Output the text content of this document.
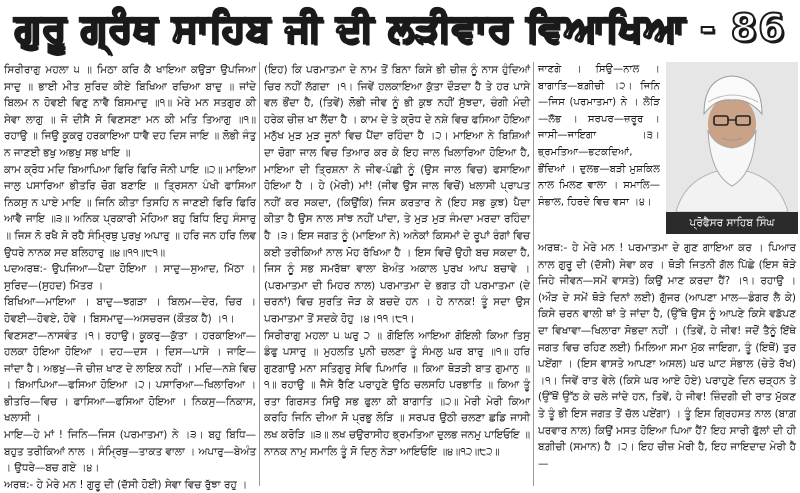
ਗੁਰੂ ਗ੍ਰੰਥ ਸਾਹਿਬ ਜੀ ਦੀ ਲੜੀਵਾਰ ਵਿਆਖਿਆ - 86

ਸਿਰੀਰਾਗੁ ਮਹਲਾ ੫ ॥ ਮਿਠਾ ਕਰਿ ਕੈ ਖਾਇਆ ਕਉੜਾ ਉਪਜਿਆ ਸਾਦੁ ॥ ਭਾਈ ਮੀਤ ਸੁਰਿਦ ਕੀਏ ਬਿਖਿਆ ਰਚਿਆ ਬਾਦੁ ॥ ਜਾਂਦੇ ਬਿਲਮ ਨ ਹੋਵਈ ਵਿਣੁ ਨਾਵੈ ਬਿਸਮਾਦੁ ॥੧॥ ਮੇਰੇ ਮਨ ਸਤਗੁਰ ਕੀ ਸੇਵਾ ਲਾਗੁ ॥ ਜੋ ਦੀਸੈ ਸੋ ਵਿਣਸਣਾ ਮਨ ਕੀ ਮਤਿ ਤਿਆਗੁ ॥੧॥ ਰਹਾਉ ॥ ਜਿਉ ਕੂਕਰੁ ਹਰਕਾਇਆ ਧਾਵੈ ਦਹ ਦਿਸ ਜਾਇ ॥ ਲੋਭੀ ਜੰਤੁ ਨ ਜਾਣਈ ਭਖੁ ਅਭਖੁ ਸਭ ਖਾਇ ॥
ਕਾਮ ਕ੍ਰੋਧ ਮਦਿ ਬਿਆਪਿਆ ਫਿਰਿ ਫਿਰਿ ਜੋਨੀ ਪਾਇ ॥੨॥ ਮਾਇਆ ਜਾਲੁ ਪਸਾਰਿਆ ਭੀਤਰਿ ਚੋਗ ਬਣਾਇ ॥ ਤ੍ਰਿਸਨਾ ਪੰਖੀ ਫਾਸਿਆ ਨਿਕਸੁ ਨ ਪਾਏ ਮਾਇ ॥ ਜਿਨਿ ਕੀਤਾ ਤਿਸਹਿ ਨ ਜਾਣਈ ਫਿਰਿ ਫਿਰਿ ਆਵੈ ਜਾਇ ॥੩॥ ਅਨਿਕ ਪ੍ਰਕਾਰੀ ਮੋਹਿਆ ਬਹੁ ਬਿਧਿ ਇਹੁ ਸੰਸਾਰੁ ॥ ਜਿਸ ਨੋ ਰਖੈ ਸੋ ਰਹੈ ਸੰਮ੍ਰਿਥੁ ਪੁਰਖੁ ਅਪਾਰੁ ॥ ਹਰਿ ਜਨ ਹਰਿ ਲਿਵ ਉਧਰੇ ਨਾਨਕ ਸਦ ਬਲਿਹਾਰੁ ॥੪॥੧੧॥੮੧॥
ਪਦਅਰਥ:- ਉਪਜਿਆ—ਪੈਦਾ ਹੋਇਆ । ਸਾਦੁ—ਸੁਆਦ, ਮਿੱਠਾ । ਸੁਰਿਦ—(ਸੁਹਦ) ਮਿੱਤਰ ।
ਬਿਖਿਆ—ਮਾਇਆ । ਬਾਦੁ—ਝਗੜਾ । ਬਿਲਮ—ਦੇਰ, ਚਿਰ । ਹੋਵਈ—ਹੋਵਏ, ਹੋਵੇ । ਬਿਸਮਾਦੁ—ਅਸਚਰਜ (ਕੌਤਕ ਹੈ) ।੧।
ਵਿਣਸਣਾ—ਨਾਸਵੰਤ ।੧। ਰਹਾਉ। ਕੂਕਰੁ—ਕੁੱਤਾ । ਹਰਕਾਇਆ—ਹਲਕਾ ਹੋਇਆ ਹੋਇਆ । ਦਹ—ਦਸ । ਦਿਸ—ਪਾਸੇ । ਜਾਇ—ਜਾਂਦਾ ਹੈ। ਅਭਖੁ—ਜੋ ਚੀਜ਼ ਖਾਣ ਦੇ ਲਾਇਕ ਨਹੀਂ । ਮਦਿ—ਨਸ਼ੇ ਵਿਚ । ਬਿਆਪਿਆ—ਫਸਿਆ ਹੋਇਆ ।੨। ਪਸਾਰਿਆ—ਖਿਲਾਰਿਆ । ਭੀਤਰਿ—ਵਿਚ । ਫਾਸਿਆ—ਫਸਿਆ ਹੋਇਆ । ਨਿਕਸੁ—ਨਿਕਾਸ, ਖਲਾਸੀ ।
ਮਾਇ—ਹੇ ਮਾਂ ! ਜਿਨਿ—ਜਿਸ (ਪਰਮਾਤਮਾ) ਨੇ ।੩। ਬਹੁ ਬਿਧਿ—ਬਹੁਤ ਤਰੀਕਿਆਂ ਨਾਲ । ਸੰਮ੍ਰਿਥੁ—ਤਾਕਤ ਵਾਲਾ । ਅਪਾਰੁ—ਬੇਅੰਤ । ਉਧਰੇ—ਬਚ ਗਏ ।੪।
ਅਰਥ:- ਹੇ ਮੇਰੇ ਮਨ ! ਗੁਰੂ ਦੀ (ਦੱਸੀ ਹੋਈ) ਸੇਵਾ ਵਿਚ ਰੁੱਝਾ ਰਹੁ ।

(ਇਹ) ਕਿ ਪਰਮਾਤਮਾ ਦੇ ਨਾਮ ਤੋਂ ਬਿਨਾ ਕਿਸੇ ਭੀ ਚੀਜ਼ ਨੂੰ ਨਾਸ ਹੁੰਦਿਆਂ ਚਿਰ ਨਹੀਂ ਲੱਗਦਾ ।੧। ਜਿਵੇਂ ਹਲਕਾਇਆ ਕੁੱਤਾ ਦੌੜਦਾ ਹੈ ਤੇ ਹਰ ਪਾਸੇ ਵਲ ਭੌਂਦਾ ਹੈ, (ਤਿਵੇਂ) ਲੋਭੀ ਜੀਵ ਨੂੰ ਭੀ ਕੁਝ ਨਹੀਂ ਸੁੱਝਦਾ, ਚੰਗੀ ਮੰਦੀ ਹਰੇਕ ਚੀਜ਼ ਖਾ ਲੈਂਦਾ ਹੈ । ਕਾਮ ਦੇ ਤੇ ਕ੍ਰੋਧ ਦੇ ਨਸ਼ੇ ਵਿਚ ਫਸਿਆ ਹੋਇਆ ਮਨੁੱਖ ਮੁੜ ਮੁੜ ਜੂਨਾਂ ਵਿਚ ਪੈਂਦਾ ਰਹਿੰਦਾ ਹੈ ।੨। ਮਾਇਆ ਨੇ ਬਿਸ਼ਿਆਂ ਦਾ ਚੋਗਾ ਜਾਲ ਵਿਚ ਤਿਆਰ ਕਰ ਕੇ ਇਹ ਜਾਲ ਖਿਲਾਰਿਆ ਹੋਇਆ ਹੈ, ਮਾਇਆ ਦੀ ਤ੍ਰਿਸ਼ਨਾ ਨੇ ਜੀਵ-ਪੰਛੀ ਨੂੰ (ਉਸ ਜਾਲ ਵਿਚ) ਫਸਾਇਆ ਹੋਇਆ ਹੈ । ਹੇ (ਮੇਰੀ) ਮਾਂ! (ਜੀਵ ਉਸ ਜਾਲ ਵਿਚੋਂ) ਖਲਾਸੀ ਪ੍ਰਾਪਤ ਨਹੀਂ ਕਰ ਸਕਦਾ, (ਕਿਉਂਕਿ) ਜਿਸ ਕਰਤਾਰ ਨੇ (ਇਹ ਸਭ ਕੁਝ) ਪੈਦਾ ਕੀਤਾ ਹੈ ਉਸ ਨਾਲ ਸਾਂਝ ਨਹੀਂ ਪਾਂਦਾ, ਤੇ ਮੁੜ ਮੁੜ ਜੰਮਦਾ ਮਰਦਾ ਰਹਿੰਦਾ ਹੈ ।੩। ਇਸ ਜਗਤ ਨੂੰ (ਮਾਇਆ ਨੇ) ਅਨੇਕਾਂ ਕਿਸਮਾਂ ਦੇ ਰੂਪਾਂ ਰੰਗਾਂ ਵਿਚ ਕਈ ਤਰੀਕਿਆਂ ਨਾਲ ਮੋਹ ਰੱਖਿਆ ਹੈ । ਇਸ ਵਿਚੋਂ ਉਹੀ ਬਚ ਸਕਦਾ ਹੈ, ਜਿਸ ਨੂੰ ਸਭ ਸਮਰੱਥਾ ਵਾਲਾ ਬੇਅੰਤ ਅਕਾਲ ਪੁਰਖ ਆਪ ਬਚਾਵੇ । (ਪਰਮਾਤਮਾ ਦੀ ਮਿਹਰ ਨਾਲ) ਪਰਮਾਤਮਾ ਦੇ ਭਗਤ ਹੀ ਪਰਮਾਤਮਾ (ਦੇ ਚਰਨਾਂ) ਵਿਚ ਸੁਰਤਿ ਜੋੜ ਕੇ ਬਚਦੇ ਹਨ । ਹੇ ਨਾਨਕ! ਤੂੰ ਸਦਾ ਉਸ ਪਰਮਾਤਮਾ ਤੋਂ ਸਦਕੇ ਹੋਹੁ ।੪।੧੧।੮੧।
ਸਿਰੀਰਾਗੁ ਮਹਲਾ ੫ ਘਰੁ ੨ ॥ ਗੋਇਲਿ ਆਇਆ ਗੋਇਲੀ ਕਿਆ ਤਿਸੁ ਡੰਫੁ ਪਸਾਰੁ ॥ ਮੁਹਲਤਿ ਪੁਨੀ ਚਲਣਾ ਤੂੰ ਸੰਮਲੁ ਘਰ ਬਾਰੁ ॥੧॥ ਹਰਿ ਗੁਣਗਾਉ ਮਨਾ ਸਤਿਗੁਰੁ ਸੇਵਿ ਪਿਆਰਿ ॥ ਕਿਆ ਥੋੜੜੀ ਬਾਤ ਗੁਮਾਨੁ ॥੧॥ ਰਹਾਉ ॥ ਜੈਸੇ ਰੈਣਿ ਪਰਾਹੁਣੇ ਉਠਿ ਚਲਸਹਿ ਪਰਭਾਤਿ ॥ ਕਿਆ ਤੂੰ ਰਤਾ ਗਿਰਸਤ ਸਿਉ ਸਭ ਫੁਲਾ ਕੀ ਬਾਗਾਤਿ ॥੨॥ ਮੇਰੀ ਮੇਰੀ ਕਿਆ ਕਰਹਿ ਜਿਨਿ ਦੀਆ ਸੋ ਪ੍ਰਭੁ ਲੋੜਿ ॥ ਸਰਪਰ ਉਠੀ ਚਲਣਾ ਛਡਿ ਜਾਸੀ ਲਖ ਕਰੋੜਿ ॥੩॥ ਲਖ ਚਉਰਾਸੀਹ ਭ੍ਰਮਤਿਆ ਦੁਲਭ ਜਨਮੁ ਪਾਇਓਇ ॥ ਨਾਨਕ ਨਾਮੁ ਸਮਾਲਿ ਤੂੰ ਸੋ ਦਿਨੁ ਨੇੜਾ ਆਇਓਇ ॥੪॥੧੨॥੮੨॥

ਜਾਣਗੇ । ਸਿਉ—ਨਾਲ । ਬਾਗਾਤਿ—ਬਗ਼ੀਚੀ ।੨। ਜਿਨਿ—ਜਿਸ (ਪਰਮਾਤਮਾ) ਨੇ । ਲੋੜਿ—ਲੱਭ । ਸਰਪਰ—ਜ਼ਰੂਰ । ਜਾਸੀ—ਜਾਇਗਾ ।੩। ਭ੍ਰਮਤਿਆ—ਭਟਕਦਿਆਂ, ਭੌਂਦਿਆਂ । ਦੁਲਭ—ਬੜੀ ਮੁਸ਼ਕਿਲ ਨਾਲ ਮਿਲਣ ਵਾਲਾ । ਸਮਾਲਿ—ਸੰਭਾਲ, ਹਿਰਦੇ ਵਿਚ ਵਸਾ ।੪।

ਪ੍ਰੋਫੈਸਰ ਸਾਹਿਬ ਸਿੰਘ

ਅਰਥ:- ਹੇ ਮੇਰੇ ਮਨ ! ਪਰਮਾਤਮਾ ਦੇ ਗੁਣ ਗਾਇਆ ਕਰ । ਪਿਆਰ ਨਾਲ ਗੁਰੂ ਦੀ (ਦੱਸੀ) ਸੇਵਾ ਕਰ । ਥੋੜੀ ਜਿਤਨੀ ਗੱਲ ਪਿੱਛੇ (ਇਸ ਥੋੜੇ ਜਿਹੇ ਜੀਵਨ—ਸਮੇਂ ਵਾਸਤੇ) ਕਿਉਂ ਮਾਣ ਕਰਦਾ ਹੈਂ? ।੧। ਰਹਾਉ । (ਔੜ ਦੇ ਸਮੇਂ ਥੋੜੇ ਦਿਨਾਂ ਲਈ) ਗੁੱਜਰ (ਆਪਣਾ ਮਾਲ—ਡੰਗਰ ਲੈ ਕੇ) ਕਿਸੇ ਚਰਨ ਵਾਲੀ ਥਾਂ ਤੇ ਜਾਂਦਾ ਹੈ, (ਉੱਥੇ ਉਸ ਨੂੰ ਆਪਣੇ ਕਿਸੇ ਵਡੱਪਣ ਦਾ ਵਿਖਾਵਾ—ਖਿਲਾਰਾ ਸੋਭਦਾ ਨਹੀਂ । (ਤਿਵੇਂ, ਹੇ ਜੀਵ! ਜਦੋਂ ਤੈਨੂੰ ਇੱਥੇ ਜਗਤ ਵਿਚ ਰਹਿਣ ਲਈ) ਮਿਲਿਆ ਸਮਾ ਮੁੱਕ ਜਾਇਗਾ, ਤੂੰ (ਇਥੋਂ) ਤੁਰ ਪਏਂਗਾ । (ਇਸ ਵਾਸਤੇ ਆਪਣਾ ਅਸਲ) ਘਰ ਘਾਟ ਸੰਭਾਲ (ਚੇਤੇ ਰੱਖ) ।੧। ਜਿਵੇਂ ਰਾਤ ਵੇਲੇ (ਕਿਸੇ ਘਰ ਆਏ ਹੋਏ) ਪਰਾਹੁਣੇ ਦਿਨ ਚੜ੍ਹਨ ਤੇ (ਉੱਥੋਂ ਉੱਠ ਕੇ ਚਲੇ ਜਾਂਦੇ ਹਨ, ਤਿਵੇਂ, ਹੇ ਜੀਵ! ਜ਼ਿੰਦਗੀ ਦੀ ਰਾਤ ਮੁੱਕਣ ਤੇ ਤੂੰ ਭੀ ਇਸ ਜਗਤ ਤੋਂ ਚੱਲ ਪਏਂਗਾ) । ਤੂੰ ਇਸ ਗ੍ਰਿਹਸਤ ਨਾਲ (ਬਾਗ਼ ਪਰਵਾਰ ਨਾਲ) ਕਿਉਂ ਮਸਤ ਹੋਇਆ ਪਿਆ ਹੈਂ? ਇਹ ਸਾਰੀ ਫੁੱਲਾਂ ਦੀ ਹੀ ਬਗ਼ੀਚੀ (ਸਮਾਨ) ਹੈ ।੨। ਇਹ ਚੀਜ਼ ਮੇਰੀ ਹੈ, ਇਹ ਜਾਇਦਾਦ ਮੇਰੀ ਹੈ—
